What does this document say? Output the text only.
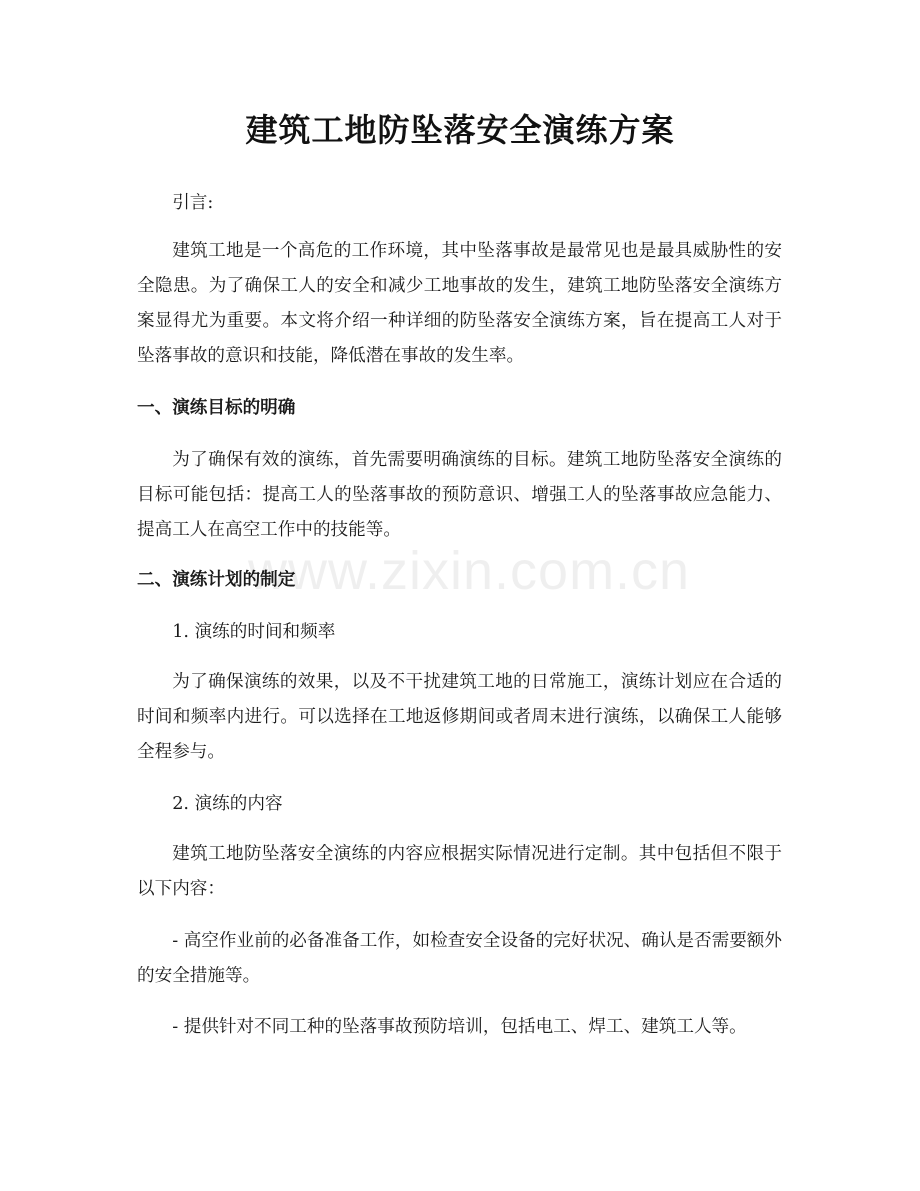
www.zixin.com.cn
建筑工地防坠落安全演练方案

引言:

建筑工地是一个高危的工作环境，其中坠落事故是最常见也是最具威胁性的安全隐患。为了确保工人的安全和减少工地事故的发生，建筑工地防坠落安全演练方案显得尤为重要。本文将介绍一种详细的防坠落安全演练方案，旨在提高工人对于坠落事故的意识和技能，降低潜在事故的发生率。

一、演练目标的明确

为了确保有效的演练，首先需要明确演练的目标。建筑工地防坠落安全演练的目标可能包括：提高工人的坠落事故的预防意识、增强工人的坠落事故应急能力、提高工人在高空工作中的技能等。

二、演练计划的制定

1. 演练的时间和频率

为了确保演练的效果，以及不干扰建筑工地的日常施工，演练计划应在合适的时间和频率内进行。可以选择在工地返修期间或者周末进行演练，以确保工人能够全程参与。

2. 演练的内容

建筑工地防坠落安全演练的内容应根据实际情况进行定制。其中包括但不限于以下内容：

- 高空作业前的必备准备工作，如检查安全设备的完好状况、确认是否需要额外的安全措施等。

- 提供针对不同工种的坠落事故预防培训，包括电工、焊工、建筑工人等。
